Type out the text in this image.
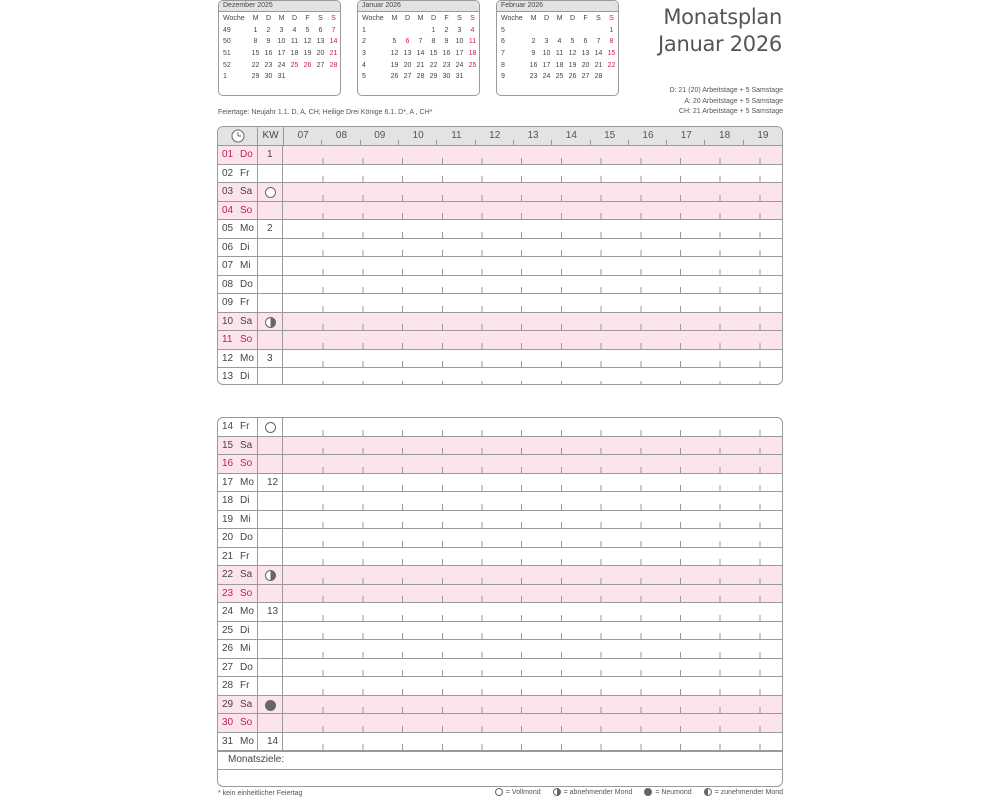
Dezember 2025
Woche	M	D	M	D	F	S	S
49	1	2	3	4	5	6	7
50	8	9	10	11	12	13	14
51	15	16	17	18	19	20	21
52	22	23	24	25	26	27	28
1	29	30	31				
Januar 2026
Woche	M	D	M	D	F	S	S
1				1	2	3	4
2	5	6	7	8	9	10	11
3	12	13	14	15	16	17	18
4	19	20	21	22	23	24	25
5	26	27	28	29	30	31	
Februar 2026
Woche	M	D	M	D	F	S	S
5							1
6	2	3	4	5	6	7	8
7	9	10	11	12	13	14	15
8	16	17	18	19	20	21	22
9	23	24	25	26	27	28	
Monatsplan
Januar 2026
D: 21 (20) Arbeitstage + 5 Samstage
A: 20 Arbeitstage + 5 Samstage
CH: 21 Arbeitstage + 5 Samstage
Feiertage: Neujahr 1.1. D, A, CH; Heilige Drei Könige 6.1. D*, A , CH*
KW	07	08	09	10	11	12	13	14	15	16	17	18	19
01 Do	1
02 Fr
03 Sa
04 So
05 Mo	2
06 Di
07 Mi
08 Do
09 Fr
10 Sa
11 So
12 Mo	3
13 Di
14 Fr
15 Sa
16 So
17 Mo	12
18 Di
19 Mi
20 Do
21 Fr
22 Sa
23 So
24 Mo	13
25 Di
26 Mi
27 Do
28 Fr
29 Sa
30 So
31 Mo	14
Monatsziele:
* kein einheitlicher Feiertag	= Vollmond	= abnehmender Mond	= Neumond	= zunehmender Mond
